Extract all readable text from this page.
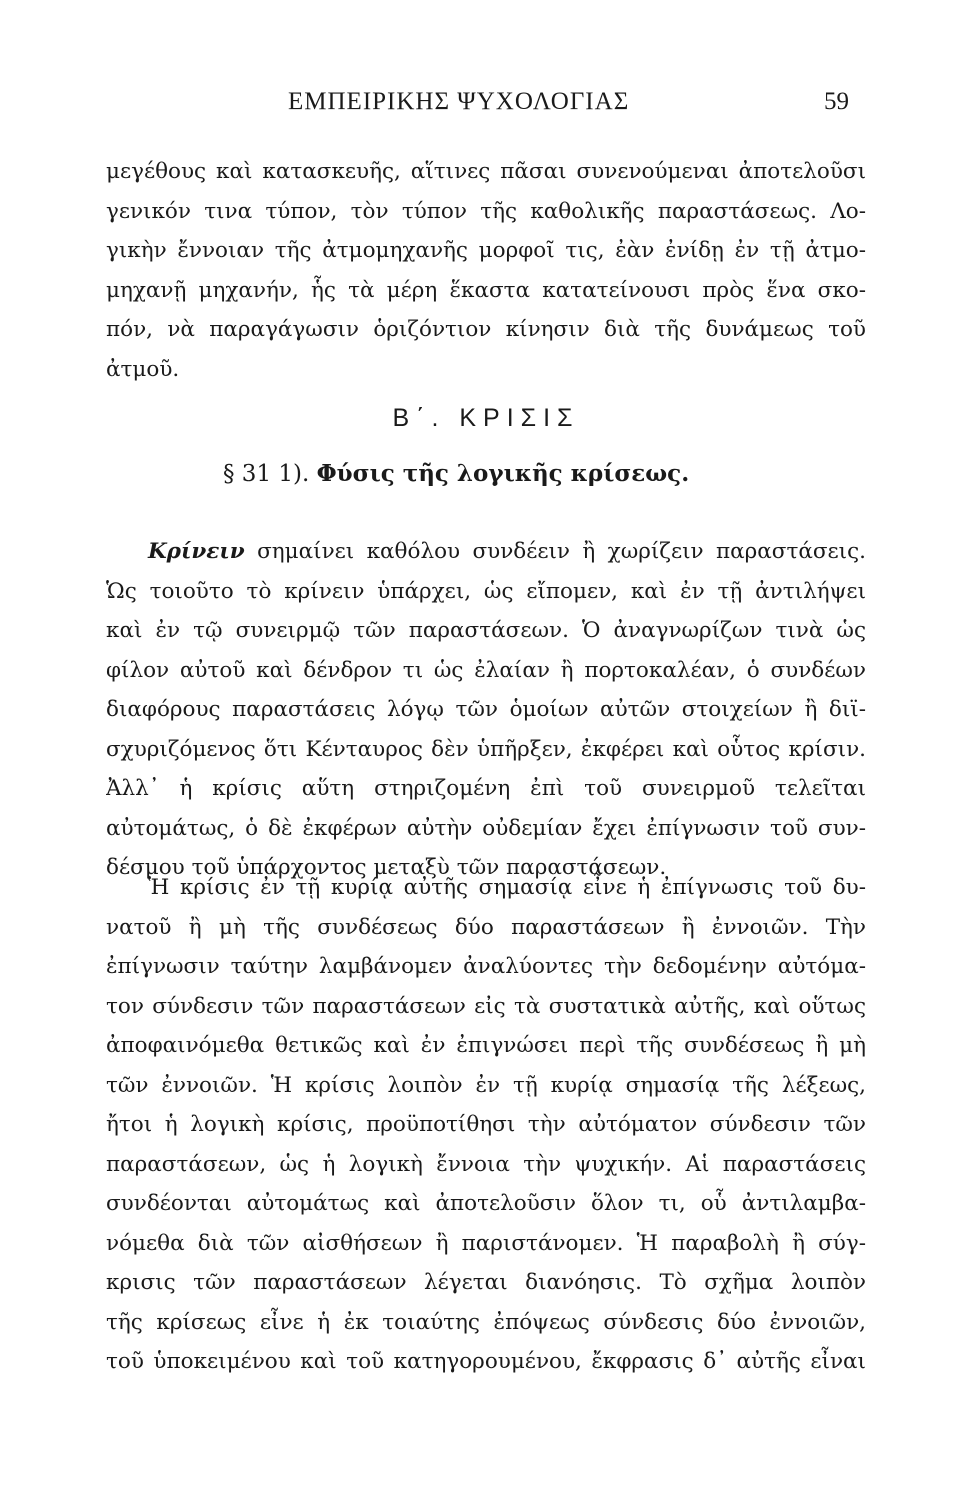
ΕΜΠΕΙΡΙΚΗΣ ΨΥΧΟΛΟΓΙΑΣ	59
μεγέθους καὶ κατασκευῆς, αἵτινες πᾶσαι συνενούμεναι ἀποτελοῦσι
γενικόν τινα τύπον, τὸν τύπον τῆς καθολικῆς παραστάσεως. Λο-
γικὴν ἔννοιαν τῆς ἀτμομηχανῆς μορφοῖ τις, ἐὰν ἐνίδῃ ἐν τῇ ἀτμο-
μηχανῇ μηχανήν, ἧς τὰ μέρη ἕκαστα κατατείνουσι πρὸς ἕνα σκο-
πόν, νὰ παραγάγωσιν ὁριζόντιον κίνησιν διὰ τῆς δυνάμεως τοῦ
ἀτμοῦ.
Β΄. ΚΡΙΣΙΣ
§ 31 1). Φύσις τῆς λογικῆς κρίσεως.
Κρίνειν σημαίνει καθόλου συνδέειν ἢ χωρίζειν παραστάσεις.
Ὡς τοιοῦτο τὸ κρίνειν ὑπάρχει, ὡς εἴπομεν, καὶ ἐν τῇ ἀντιλήψει
καὶ ἐν τῷ συνειρμῷ τῶν παραστάσεων. Ὁ ἀναγνωρίζων τινὰ ὡς
φίλον αὐτοῦ καὶ δένδρον τι ὡς ἐλαίαν ἢ πορτοκαλέαν, ὁ συνδέων
διαφόρους παραστάσεις λόγῳ τῶν ὁμοίων αὐτῶν στοιχείων ἢ διϊ-
σχυριζόμενος ὅτι Κένταυρος δὲν ὑπῆρξεν, ἐκφέρει καὶ οὗτος κρίσιν.
Ἀλλ᾽ ἡ κρίσις αὕτη στηριζομένη ἐπὶ τοῦ συνειρμοῦ τελεῖται
αὐτομάτως, ὁ δὲ ἐκφέρων αὐτὴν οὐδεμίαν ἔχει ἐπίγνωσιν τοῦ συν-
δέσμου τοῦ ὑπάρχοντος μεταξὺ τῶν παραστάσεων.
Ἡ κρίσις ἐν τῇ κυρίᾳ αὐτῆς σημασίᾳ εἶνε ἡ ἐπίγνωσις τοῦ δυ-
νατοῦ ἢ μὴ τῆς συνδέσεως δύο παραστάσεων ἢ ἐννοιῶν. Τὴν
ἐπίγνωσιν ταύτην λαμβάνομεν ἀναλύοντες τὴν δεδομένην αὐτόμα-
τον σύνδεσιν τῶν παραστάσεων εἰς τὰ συστατικὰ αὐτῆς, καὶ οὕτως
ἀποφαινόμεθα θετικῶς καὶ ἐν ἐπιγνώσει περὶ τῆς συνδέσεως ἢ μὴ
τῶν ἐννοιῶν. Ἡ κρίσις λοιπὸν ἐν τῇ κυρίᾳ σημασίᾳ τῆς λέξεως,
ἤτοι ἡ λογικὴ κρίσις, προϋποτίθησι τὴν αὐτόματον σύνδεσιν τῶν
παραστάσεων, ὡς ἡ λογικὴ ἔννοια τὴν ψυχικήν. Αἱ παραστάσεις
συνδέονται αὐτομάτως καὶ ἀποτελοῦσιν ὅλον τι, οὗ ἀντιλαμβα-
νόμεθα διὰ τῶν αἰσθήσεων ἢ παριστάνομεν. Ἡ παραβολὴ ἢ σύγ-
κρισις τῶν παραστάσεων λέγεται διανόησις. Τὸ σχῆμα λοιπὸν
τῆς κρίσεως εἶνε ἡ ἐκ τοιαύτης ἐπόψεως σύνδεσις δύο ἐννοιῶν,
τοῦ ὑποκειμένου καὶ τοῦ κατηγορουμένου, ἔκφρασις δ᾽ αὐτῆς εἶναι
